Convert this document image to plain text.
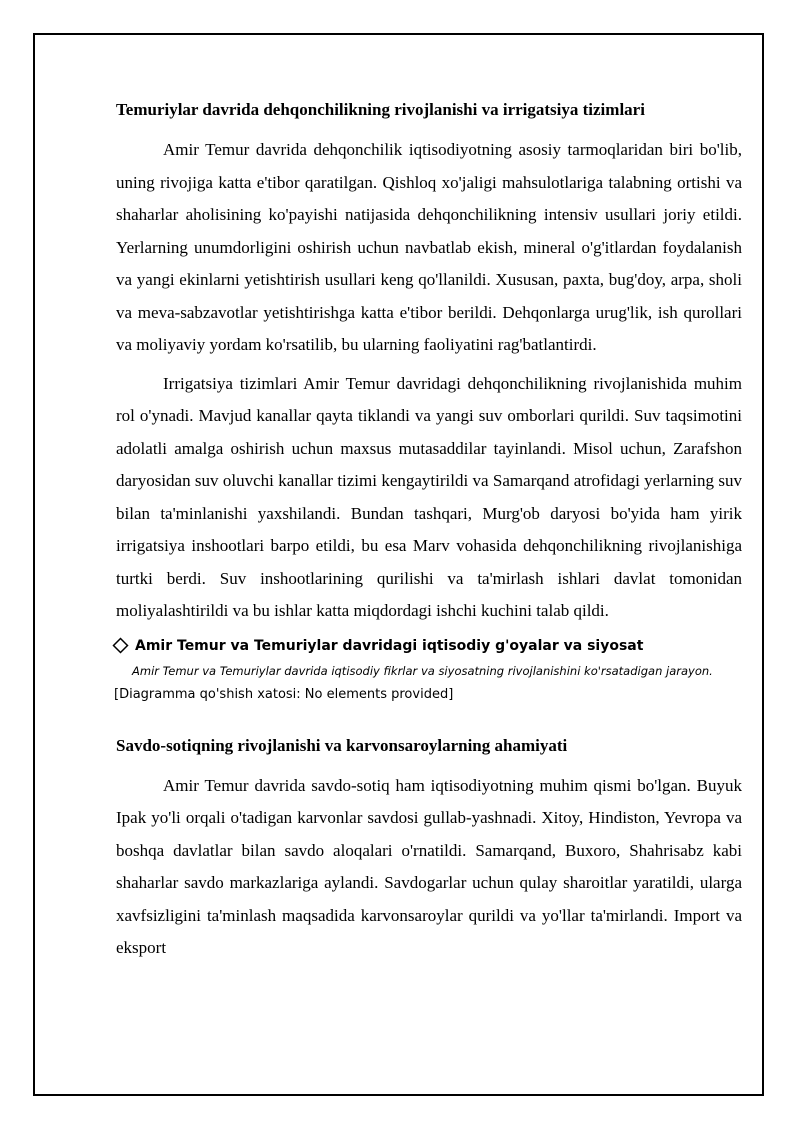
Temuriylar davrida dehqonchilikning rivojlanishi va irrigatsiya tizimlari

Amir Temur davrida dehqonchilik iqtisodiyotning asosiy tarmoqlaridan biri bo'lib, uning rivojiga katta e'tibor qaratilgan. Qishloq xo'jaligi mahsulotlariga talabning ortishi va shaharlar aholisining ko'payishi natijasida dehqonchilikning intensiv usullari joriy etildi. Yerlarning unumdorligini oshirish uchun navbatlab ekish, mineral o'g'itlardan foydalanish va yangi ekinlarni yetishtirish usullari keng qo'llanildi. Xususan, paxta, bug'doy, arpa, sholi va meva-sabzavotlar yetishtirishga katta e'tibor berildi. Dehqonlarga urug'lik, ish qurollari va moliyaviy yordam ko'rsatilib, bu ularning faoliyatini rag'batlantirdi.

Irrigatsiya tizimlari Amir Temur davridagi dehqonchilikning rivojlanishida muhim rol o'ynadi. Mavjud kanallar qayta tiklandi va yangi suv omborlari qurildi. Suv taqsimotini adolatli amalga oshirish uchun maxsus mutasaddilar tayinlandi. Misol uchun, Zarafshon daryosidan suv oluvchi kanallar tizimi kengaytirildi va Samarqand atrofidagi yerlarning suv bilan ta'minlanishi yaxshilandi. Bundan tashqari, Murg'ob daryosi bo'yida ham yirik irrigatsiya inshootlari barpo etildi, bu esa Marv vohasida dehqonchilikning rivojlanishiga turtki berdi. Suv inshootlarining qurilishi va ta'mirlash ishlari davlat tomonidan moliyalashtirildi va bu ishlar katta miqdordagi ishchi kuchini talab qildi.

Amir Temur va Temuriylar davridagi iqtisodiy g'oyalar va siyosat
Amir Temur va Temuriylar davrida iqtisodiy fikrlar va siyosatning rivojlanishini ko'rsatadigan jarayon.
[Diagramma qo'shish xatosi: No elements provided]
Savdo-sotiqning rivojlanishi va karvonsaroylarning ahamiyati

Amir Temur davrida savdo-sotiq ham iqtisodiyotning muhim qismi bo'lgan. Buyuk Ipak yo'li orqali o'tadigan karvonlar savdosi gullab-yashnadi. Xitoy, Hindiston, Yevropa va boshqa davlatlar bilan savdo aloqalari o'rnatildi. Samarqand, Buxoro, Shahrisabz kabi shaharlar savdo markazlariga aylandi. Savdogarlar uchun qulay sharoitlar yaratildi, ularga xavfsizligini ta'minlash maqsadida karvonsaroylar qurildi va yo'llar ta'mirlandi. Import va eksport
